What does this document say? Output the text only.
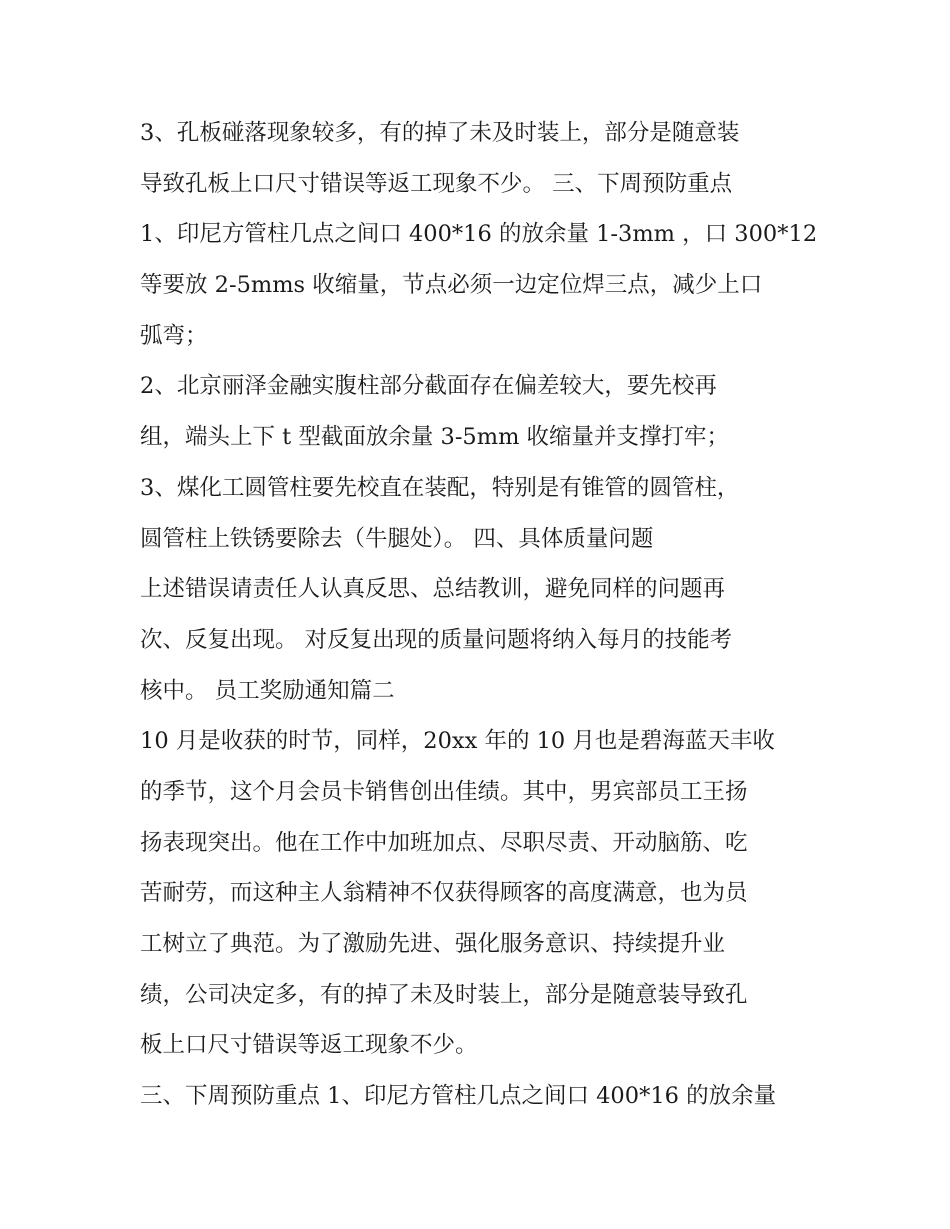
3、孔板碰落现象较多，有的掉了未及时装上，部分是随意装
导致孔板上口尺寸错误等返工现象不少。 三、下周预防重点
1、印尼方管柱几点之间口 400*16 的放余量 1-3mm ，口 300*12
等要放 2-5mms 收缩量，节点必须一边定位焊三点，减少上口
弧弯；
2、北京丽泽金融实腹柱部分截面存在偏差较大，要先校再
组，端头上下 t 型截面放余量 3-5mm 收缩量并支撑打牢；
3、煤化工圆管柱要先校直在装配，特别是有锥管的圆管柱，
圆管柱上铁锈要除去（牛腿处）。 四、具体质量问题
上述错误请责任人认真反思、总结教训，避免同样的问题再
次、反复出现。 对反复出现的质量问题将纳入每月的技能考
核中。 员工奖励通知篇二
10 月是收获的时节，同样，20xx 年的 10 月也是碧海蓝天丰收
的季节，这个月会员卡销售创出佳绩。其中，男宾部员工王扬
扬表现突出。他在工作中加班加点、尽职尽责、开动脑筋、吃
苦耐劳，而这种主人翁精神不仅获得顾客的高度满意，也为员
工树立了典范。为了激励先进、强化服务意识、持续提升业
绩，公司决定多，有的掉了未及时装上，部分是随意装导致孔
板上口尺寸错误等返工现象不少。
三、下周预防重点 1、印尼方管柱几点之间口 400*16 的放余量
